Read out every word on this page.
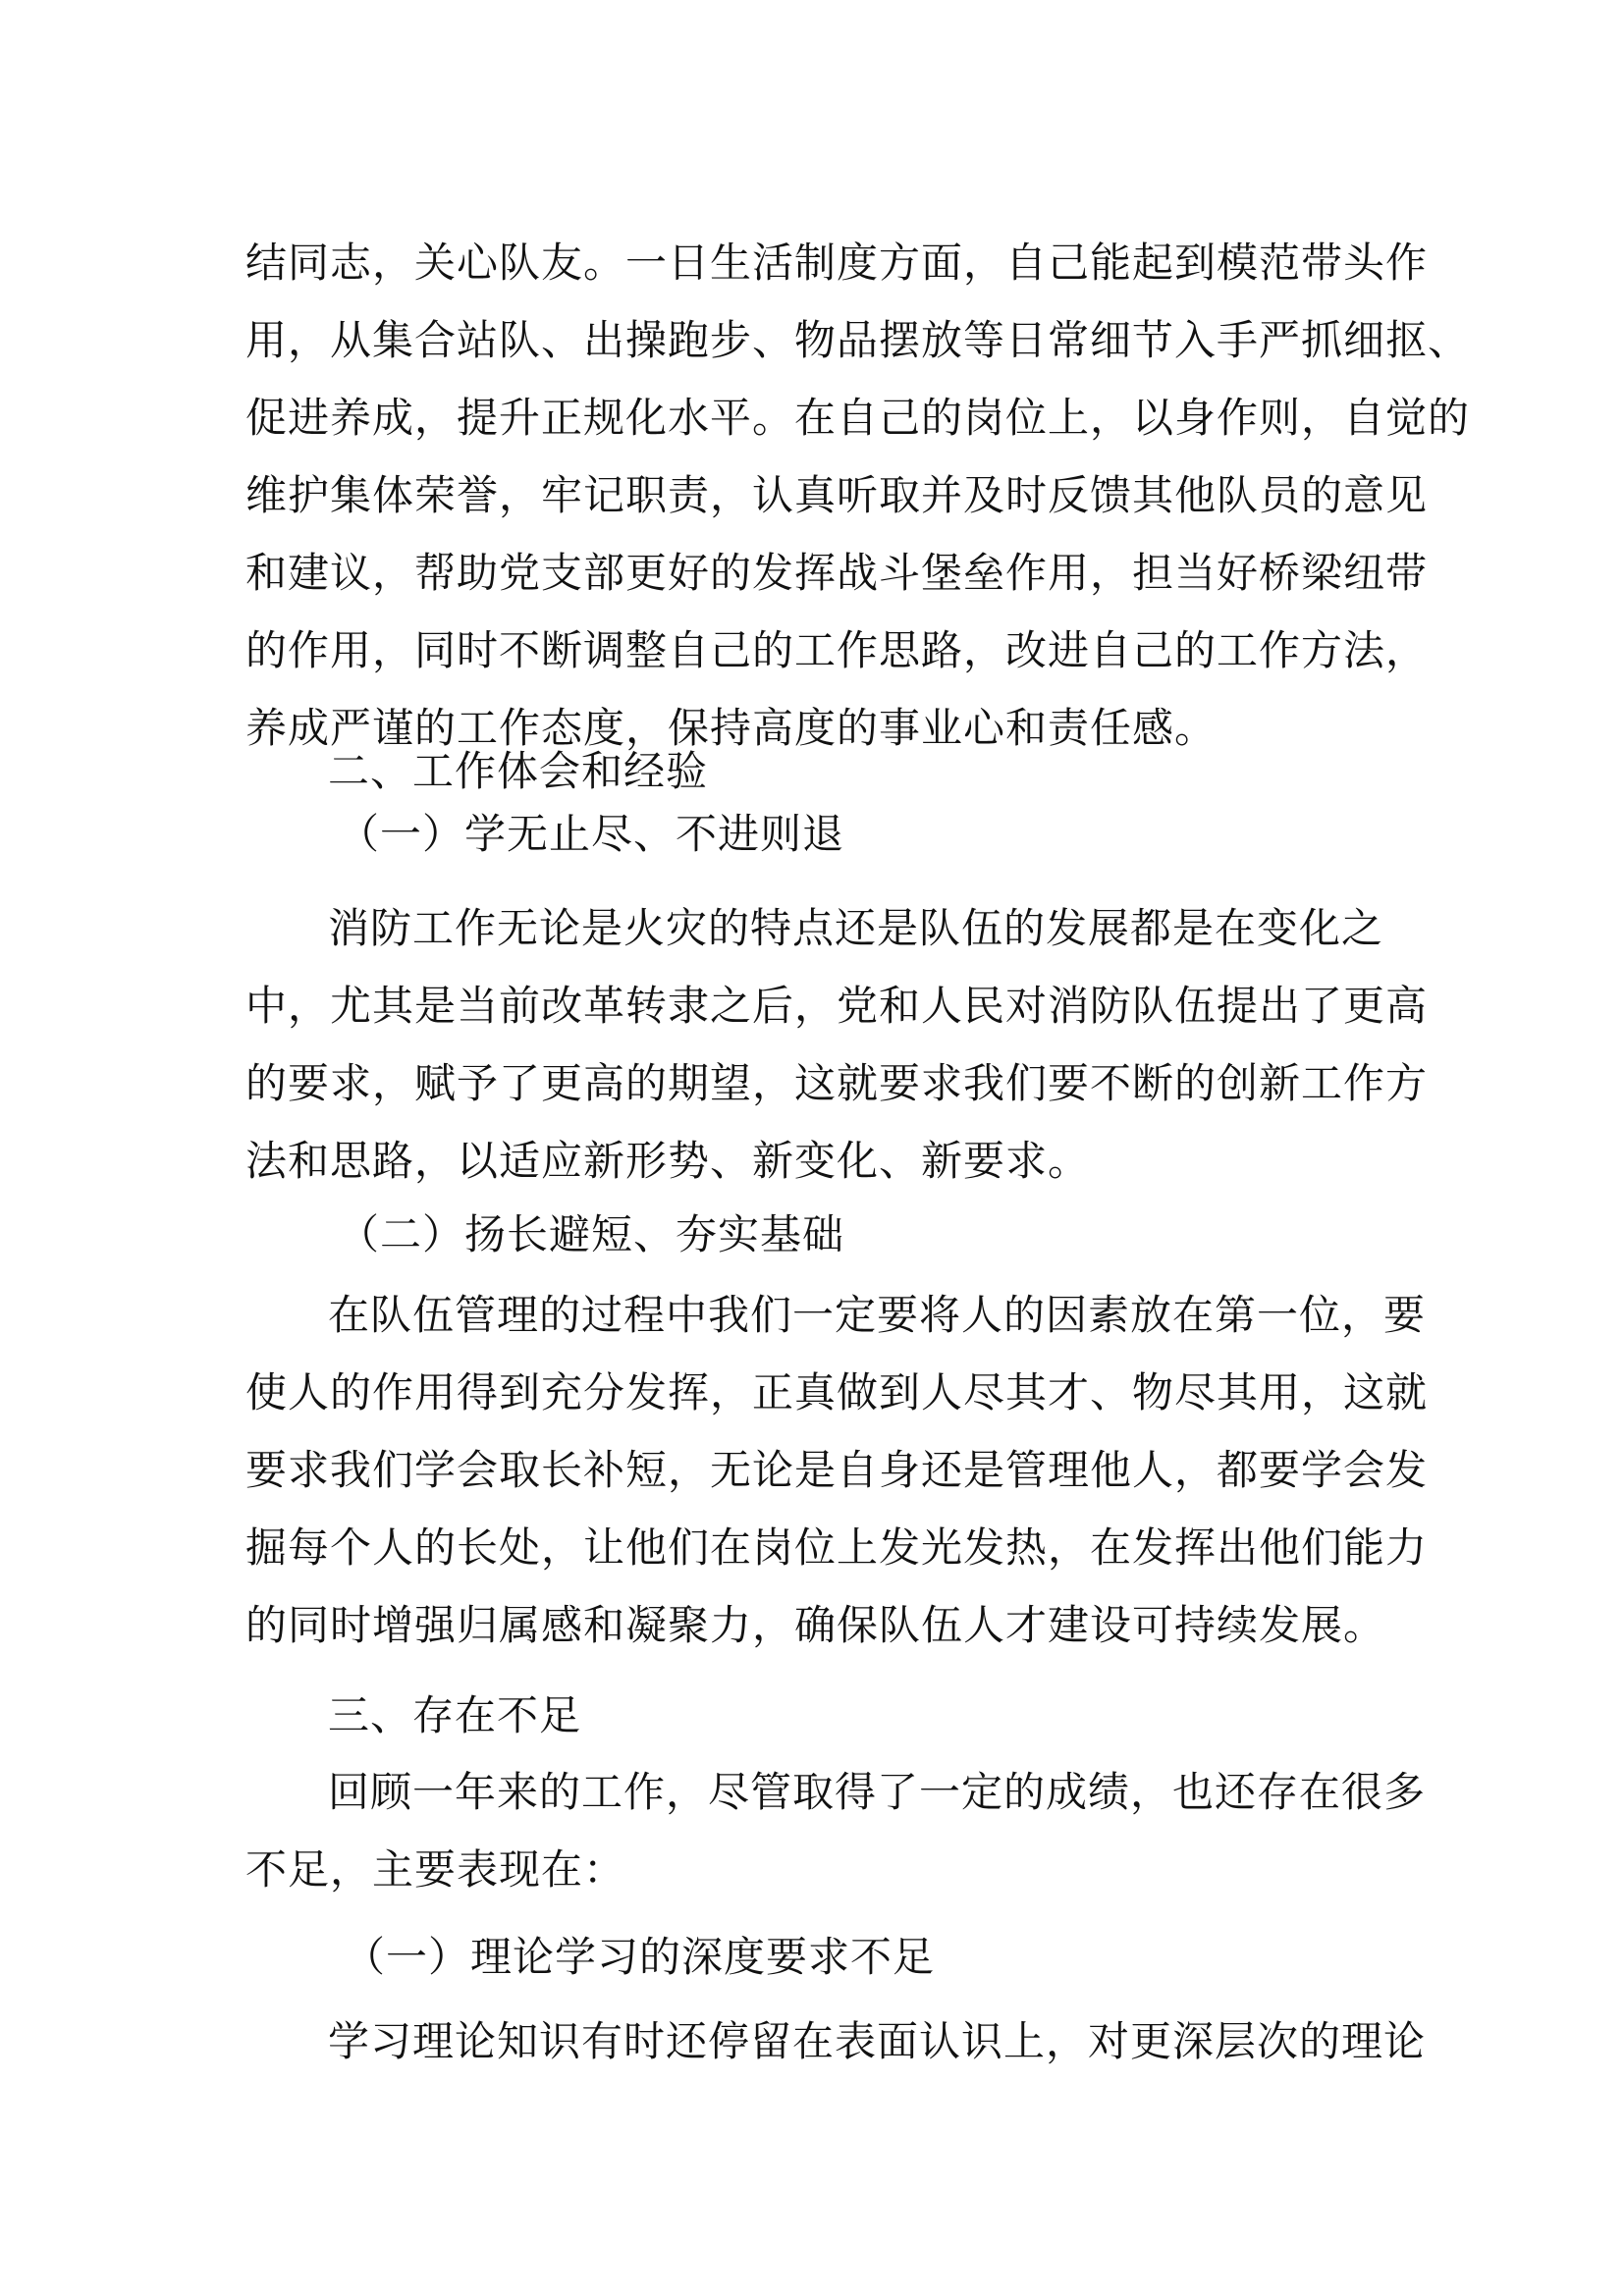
结同志，关心队友。一日生活制度方面，自己能起到模范带头作
用，从集合站队、出操跑步、物品摆放等日常细节入手严抓细抠、
促进养成，提升正规化水平。在自己的岗位上，以身作则，自觉的
维护集体荣誉，牢记职责，认真听取并及时反馈其他队员的意见
和建议，帮助党支部更好的发挥战斗堡垒作用，担当好桥梁纽带
的作用，同时不断调整自己的工作思路，改进自己的工作方法，
养成严谨的工作态度，保持高度的事业心和责任感。

二、工作体会和经验

（一）学无止尽、不进则退

消防工作无论是火灾的特点还是队伍的发展都是在变化之
中，尤其是当前改革转隶之后，党和人民对消防队伍提出了更高
的要求，赋予了更高的期望，这就要求我们要不断的创新工作方
法和思路，以适应新形势、新变化、新要求。

（二）扬长避短、夯实基础

在队伍管理的过程中我们一定要将人的因素放在第一位，要
使人的作用得到充分发挥，正真做到人尽其才、物尽其用，这就
要求我们学会取长补短，无论是自身还是管理他人，都要学会发
掘每个人的长处，让他们在岗位上发光发热，在发挥出他们能力
的同时增强归属感和凝聚力，确保队伍人才建设可持续发展。

三、存在不足

回顾一年来的工作，尽管取得了一定的成绩，也还存在很多
不足，主要表现在：

（一）理论学习的深度要求不足

学习理论知识有时还停留在表面认识上，对更深层次的理论
